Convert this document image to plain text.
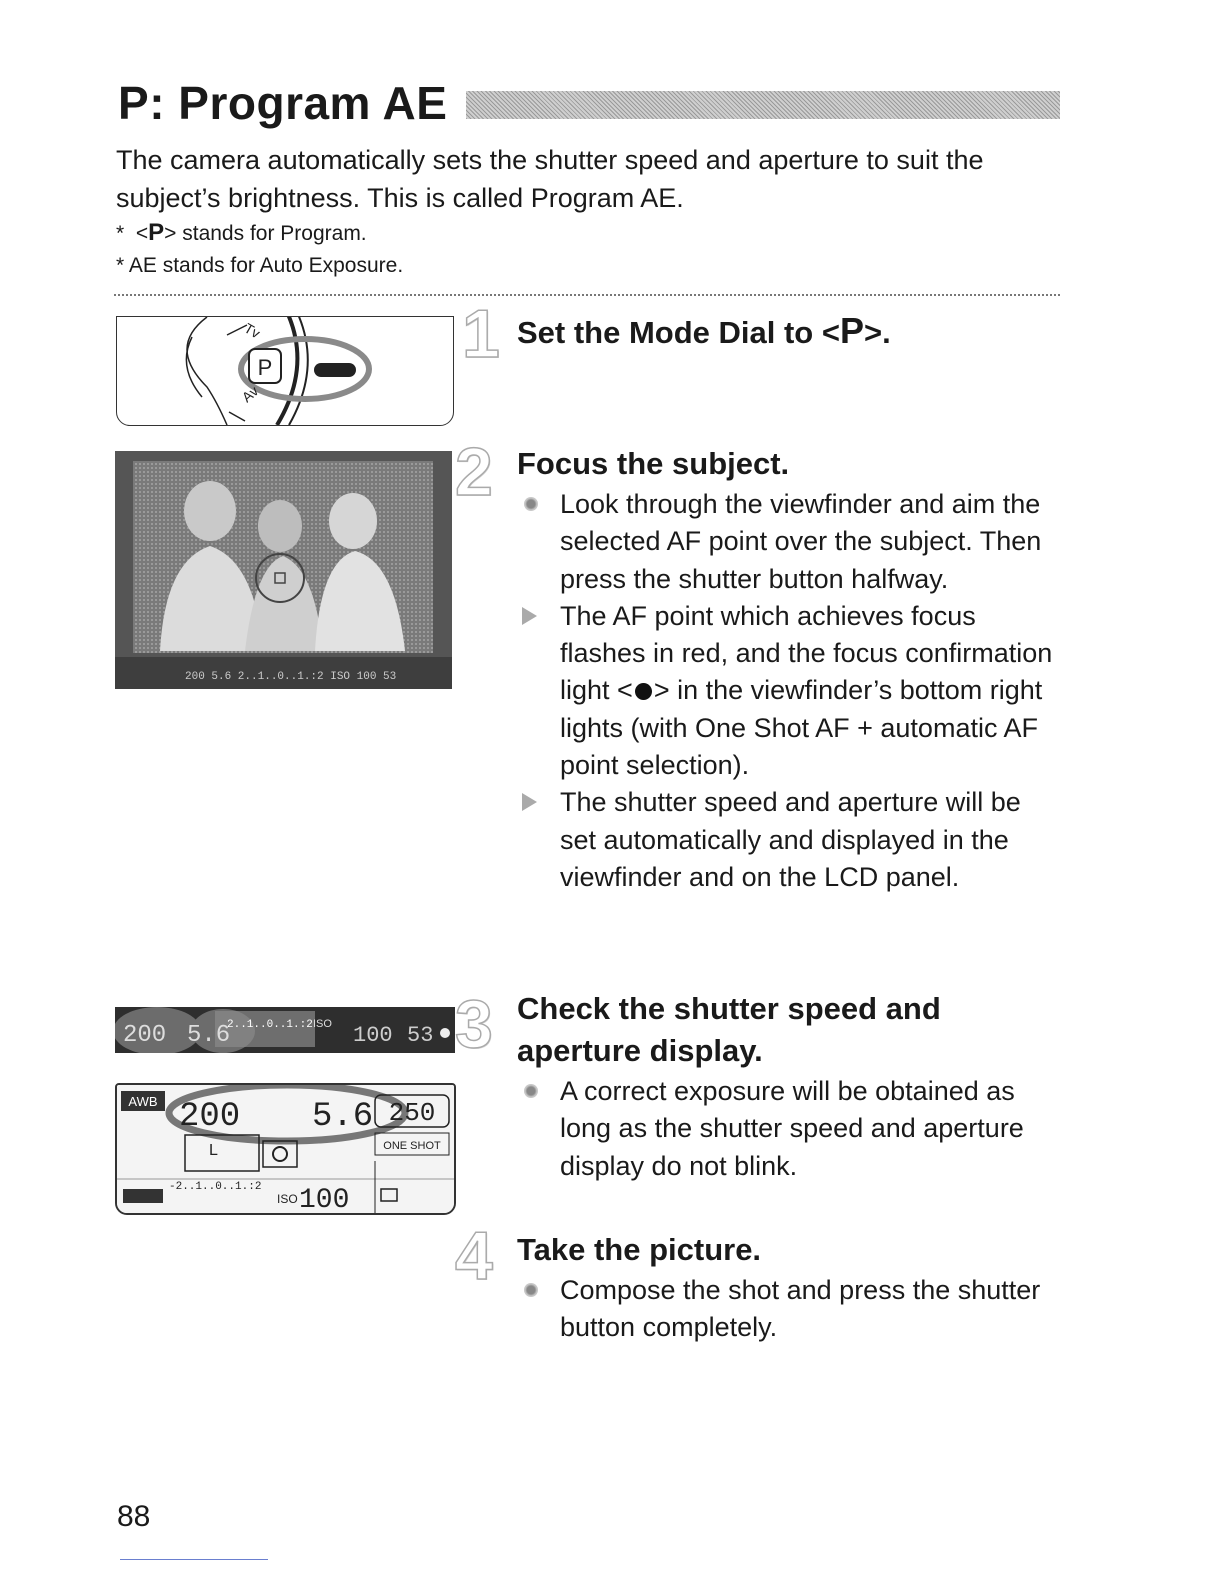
P: Program AE
The camera automatically sets the shutter speed and aperture to suit the subject’s brightness. This is called Program AE.
* <P> stands for Program.
* AE stands for Auto Exposure.
1
2
3
4
Set the Mode Dial to <P>.
Focus the subject.
Look through the viewfinder and aim the selected AF point over the subject. Then press the shutter button halfway.
The AF point which achieves focus flashes in red, and the focus confirmation light < > in the viewfinder’s bottom right lights (with One Shot AF + automatic AF point selection).
The shutter speed and aperture will be set automatically and displayed in the viewfinder and on the LCD panel.
Check the shutter speed and aperture display.
A correct exposure will be obtained as long as the shutter speed and aperture display do not blink.
Take the picture.
Compose the shot and press the shutter button completely.
P
Tv
Av
200 5.6 2..1..0..1.:2 ISO 100 53
200 5.6
2..1..0..1.:2 ISO 100 53
AWB 200 5.6 250
L	ONE SHOT
-2..1..0..1.:2
ISO 100
88
